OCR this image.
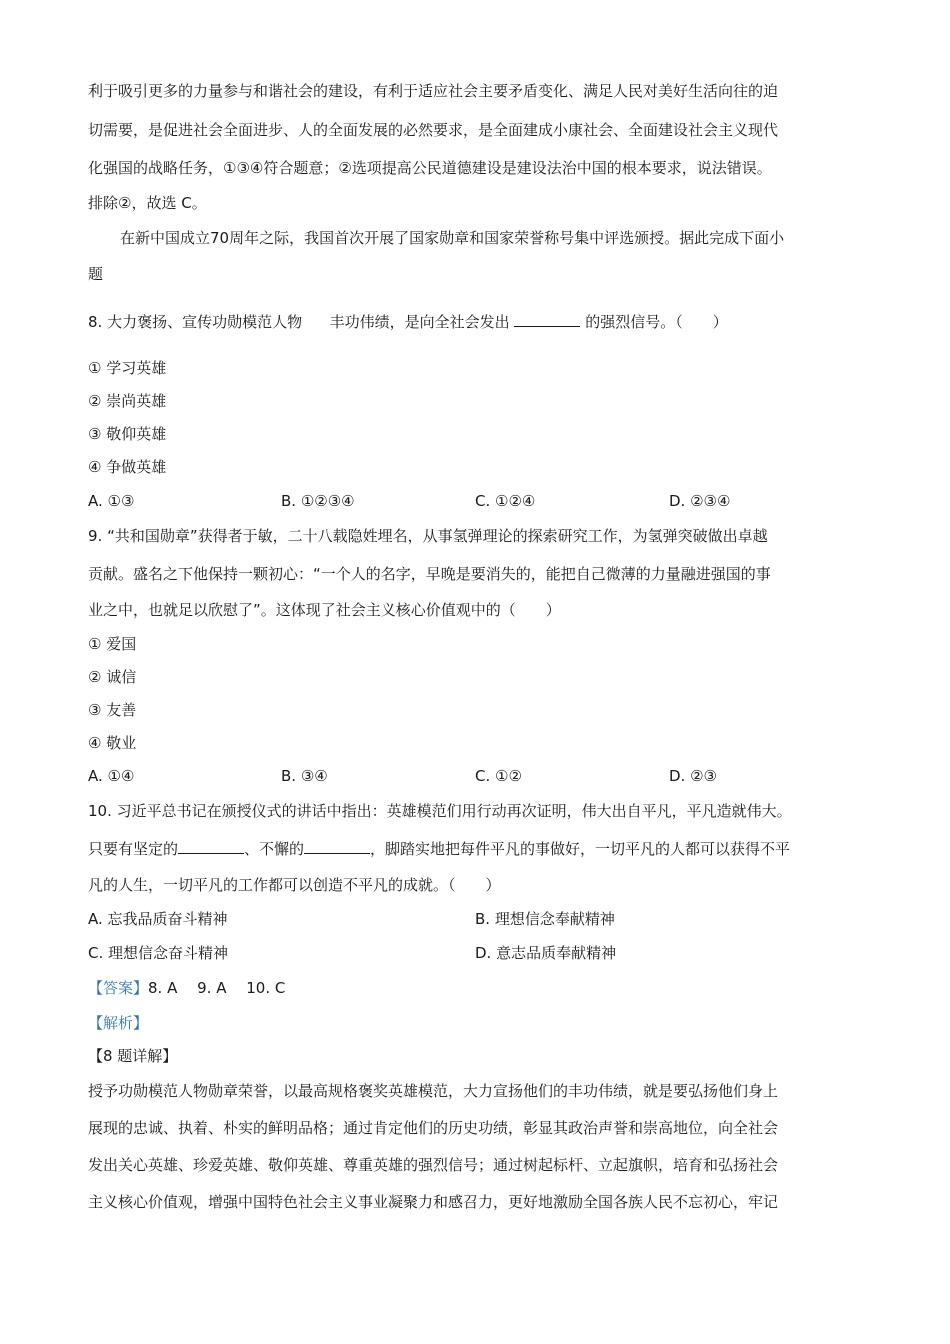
利于吸引更多的力量参与和谐社会的建设，有利于适应社会主要矛盾变化、满足人民对美好生活向往的迫
切需要，是促进社会全面进步、人的全面发展的必然要求，是全面建成小康社会、全面建设社会主义现代
化强国的战略任务，①③④符合题意；②选项提高公民道德建设是建设法治中国的根本要求，说法错误。
排除②，故选 C。
在新中国成立70周年之际，我国首次开展了国家勋章和国家荣誉称号集中评选颁授。据此完成下面小
题
8. 大力褒扬、宣传功勋模范人物 丰功伟绩，是向全社会发出	的强烈信号。（　　）
① 学习英雄
② 崇尚英雄
③ 敬仰英雄
④ 争做英雄
A. ①③	B. ①②③④	C. ①②④	D. ②③④
9. “共和国勋章”获得者于敏，二十八载隐姓埋名，从事氢弹理论的探索研究工作，为氢弹突破做出卓越
贡献。盛名之下他保持一颗初心：“一个人的名字，早晚是要消失的，能把自己微薄的力量融进强国的事
业之中，也就足以欣慰了”。这体现了社会主义核心价值观中的（　　）
① 爱国
② 诚信
③ 友善
④ 敬业
A. ①④	B. ③④	C. ①②	D. ②③
10. 习近平总书记在颁授仪式的讲话中指出：英雄模范们用行动再次证明，伟大出自平凡，平凡造就伟大。
只要有坚定的	、不懈的	，脚踏实地把每件平凡的事做好，一切平凡的人都可以获得不平
凡的人生，一切平凡的工作都可以创造不平凡的成就。（　　）
A. 忘我品质奋斗精神	B. 理想信念奉献精神
C. 理想信念奋斗精神	D. 意志品质奉献精神
【答案】8. A　 9. A　 10. C
【解析】
【8 题详解】
授予功勋模范人物勋章荣誉，以最高规格褒奖英雄模范，大力宣扬他们的丰功伟绩，就是要弘扬他们身上
展现的忠诚、执着、朴实的鲜明品格；通过肯定他们的历史功绩，彰显其政治声誉和崇高地位，向全社会
发出关心英雄、珍爱英雄、敬仰英雄、尊重英雄的强烈信号；通过树起标杆、立起旗帜，培育和弘扬社会
主义核心价值观，增强中国特色社会主义事业凝聚力和感召力，更好地激励全国各族人民不忘初心，牢记
